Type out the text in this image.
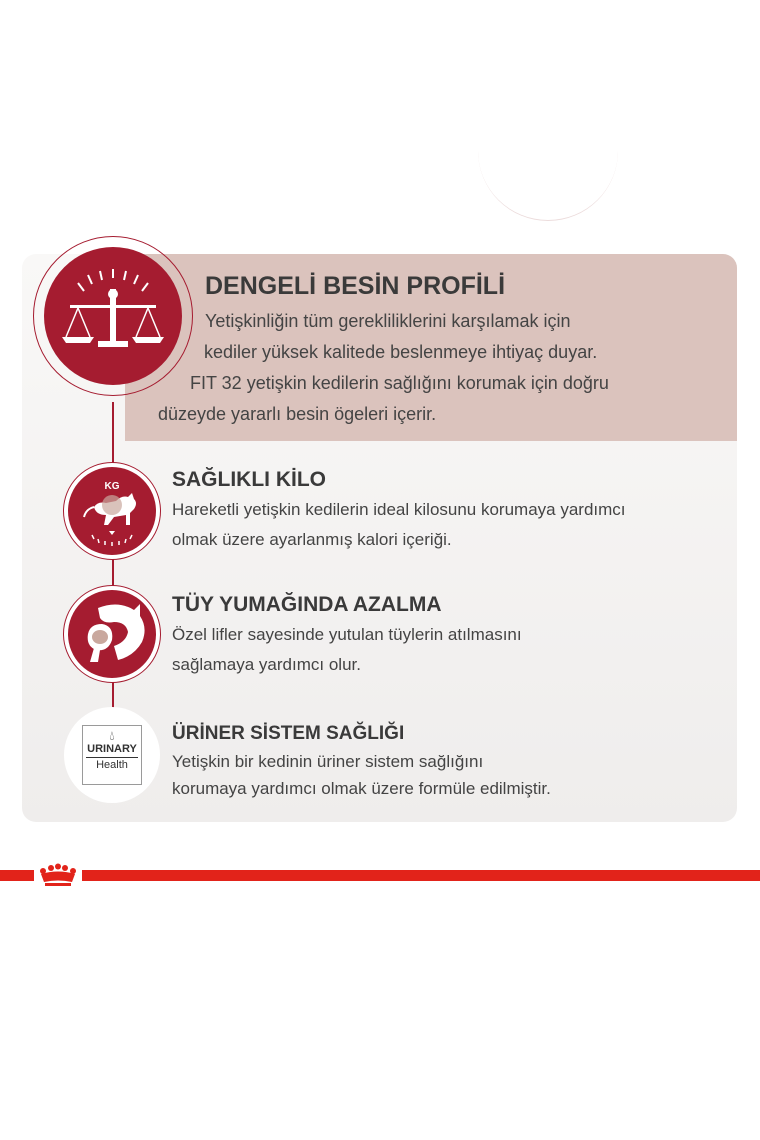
DENGELİ BESİN PROFİLİ
Yetişkinliğin tüm gerekliliklerini karşılamak için
kediler yüksek kalitede beslenmeye ihtiyaç duyar.
FIT 32 yetişkin kedilerin sağlığını korumak için doğru
düzeyde yararlı besin ögeleri içerir.
KG	SAĞLIKLI KİLO
Hareketli yetişkin kedilerin ideal kilosunu korumaya yardımcı
olmak üzere ayarlanmış kalori içeriği.
TÜY YUMAĞINDA AZALMA
Özel lifler sayesinde yutulan tüylerin atılmasını
sağlamaya yardımcı olur.
💧︎
URINARY
Health
ÜRİNER SİSTEM SAĞLIĞI
Yetişkin bir kedinin üriner sistem sağlığını
korumaya yardımcı olmak üzere formüle edilmiştir.
